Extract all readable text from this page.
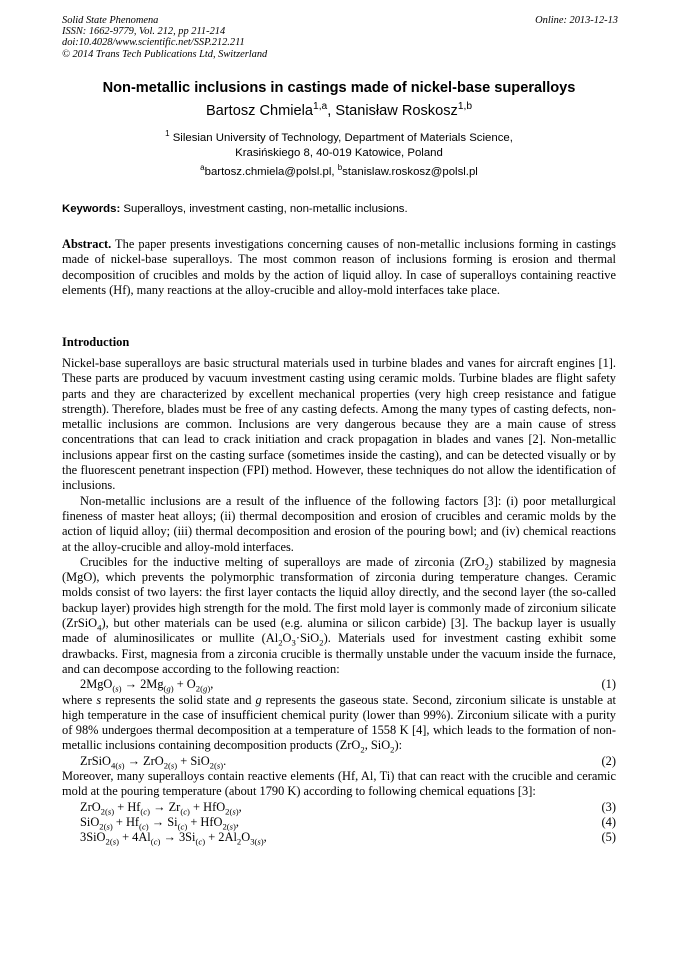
Solid State Phenomena
ISSN: 1662-9779, Vol. 212, pp 211-214
doi:10.4028/www.scientific.net/SSP.212.211
© 2014 Trans Tech Publications Ltd, Switzerland
Online: 2013-12-13
Non-metallic inclusions in castings made of nickel-base superalloys
Bartosz Chmiela$^{1,a}$, Stanisław Roskosz$^{1,b}$
$^1$ Silesian University of Technology, Department of Materials Science,
Krasińskiego 8, 40-019 Katowice, Poland
$^a$bartosz.chmiela@polsl.pl, $^b$stanislaw.roskosz@polsl.pl
Keywords: Superalloys, investment casting, non-metallic inclusions.
Abstract. The paper presents investigations concerning causes of non-metallic inclusions forming in castings made of nickel-base superalloys. The most common reason of inclusions forming is erosion and thermal decomposition of crucibles and molds by the action of liquid alloy. In case of superalloys containing reactive elements (Hf), many reactions at the alloy-crucible and alloy-mold interfaces take place.
Introduction

Nickel-base superalloys are basic structural materials used in turbine blades and vanes for aircraft engines [1]. These parts are produced by vacuum investment casting using ceramic molds. Turbine blades are flight safety parts and they are characterized by excellent mechanical properties (very high creep resistance and fatigue strength). Therefore, blades must be free of any casting defects. Among the many types of casting defects, non-metallic inclusions are common. Inclusions are very dangerous because they are a main cause of stress concentrations that can lead to crack initiation and crack propagation in blades and vanes [2]. Non-metallic inclusions appear first on the casting surface (sometimes inside the casting), and can be detected visually or by the fluorescent penetrant inspection (FPI) method. However, these techniques do not allow the identification of inclusions.

Non-metallic inclusions are a result of the influence of the following factors [3]: (i) poor metallurgical fineness of master heat alloys; (ii) thermal decomposition and erosion of crucibles and ceramic molds by the action of liquid alloy; (iii) thermal decomposition and erosion of the pouring bowl; and (iv) chemical reactions at the alloy-crucible and alloy-mold interfaces.

Crucibles for the inductive melting of superalloys are made of zirconia (ZrO$_2$) stabilized by magnesia (MgO), which prevents the polymorphic transformation of zirconia during temperature changes. Ceramic molds consist of two layers: the first layer contacts the liquid alloy directly, and the second layer (the so-called backup layer) provides high strength for the mold. The first mold layer is commonly made of zirconium silicate (ZrSiO$_4$), but other materials can be used (e.g. alumina or silicon carbide) [3]. The backup layer is usually made of aluminosilicates or mullite $(Al_2O_3\cdot SiO_2)$. Materials used for investment casting exhibit some drawbacks. First, magnesia from a zirconia crucible is thermally unstable under the vacuum inside the furnace, and can decompose according to the following reaction:

$2MgO_{(s)} \to 2Mg_{(g)} + O_{2(g)}$,	(1)

where s represents the solid state and g represents the gaseous state. Second, zirconium silicate is unstable at high temperature in the case of insufficient chemical purity (lower than 99%). Zirconium silicate with a purity of 98% undergoes thermal decomposition at a temperature of 1558 K [4], which leads to the formation of non-metallic inclusions containing decomposition products (ZrO$_2$, SiO$_2$):

ZrSiO$_{4(s)}$ → ZrO$_{2(s)}$ + SiO$_{2(s)}$.	(2)

Moreover, many superalloys contain reactive elements (Hf, Al, Ti) that can react with the crucible and ceramic mold at the pouring temperature (about 1790 K) according to following chemical equations [3]:

$ZrO_{2(s)} + Hf_{(c)} \to Zr_{(c)} + HfO_{2(s)}$,	(3)
$SiO_{2(s)} + Hf_{(c)} \to Si_{(c)} + HfO_{2(s)}$,	(4)
$3SiO_{2(s)} + 4Al_{(c)} \to 3Si_{(c)} + 2Al_2O_{3(s)}$,	(5)
